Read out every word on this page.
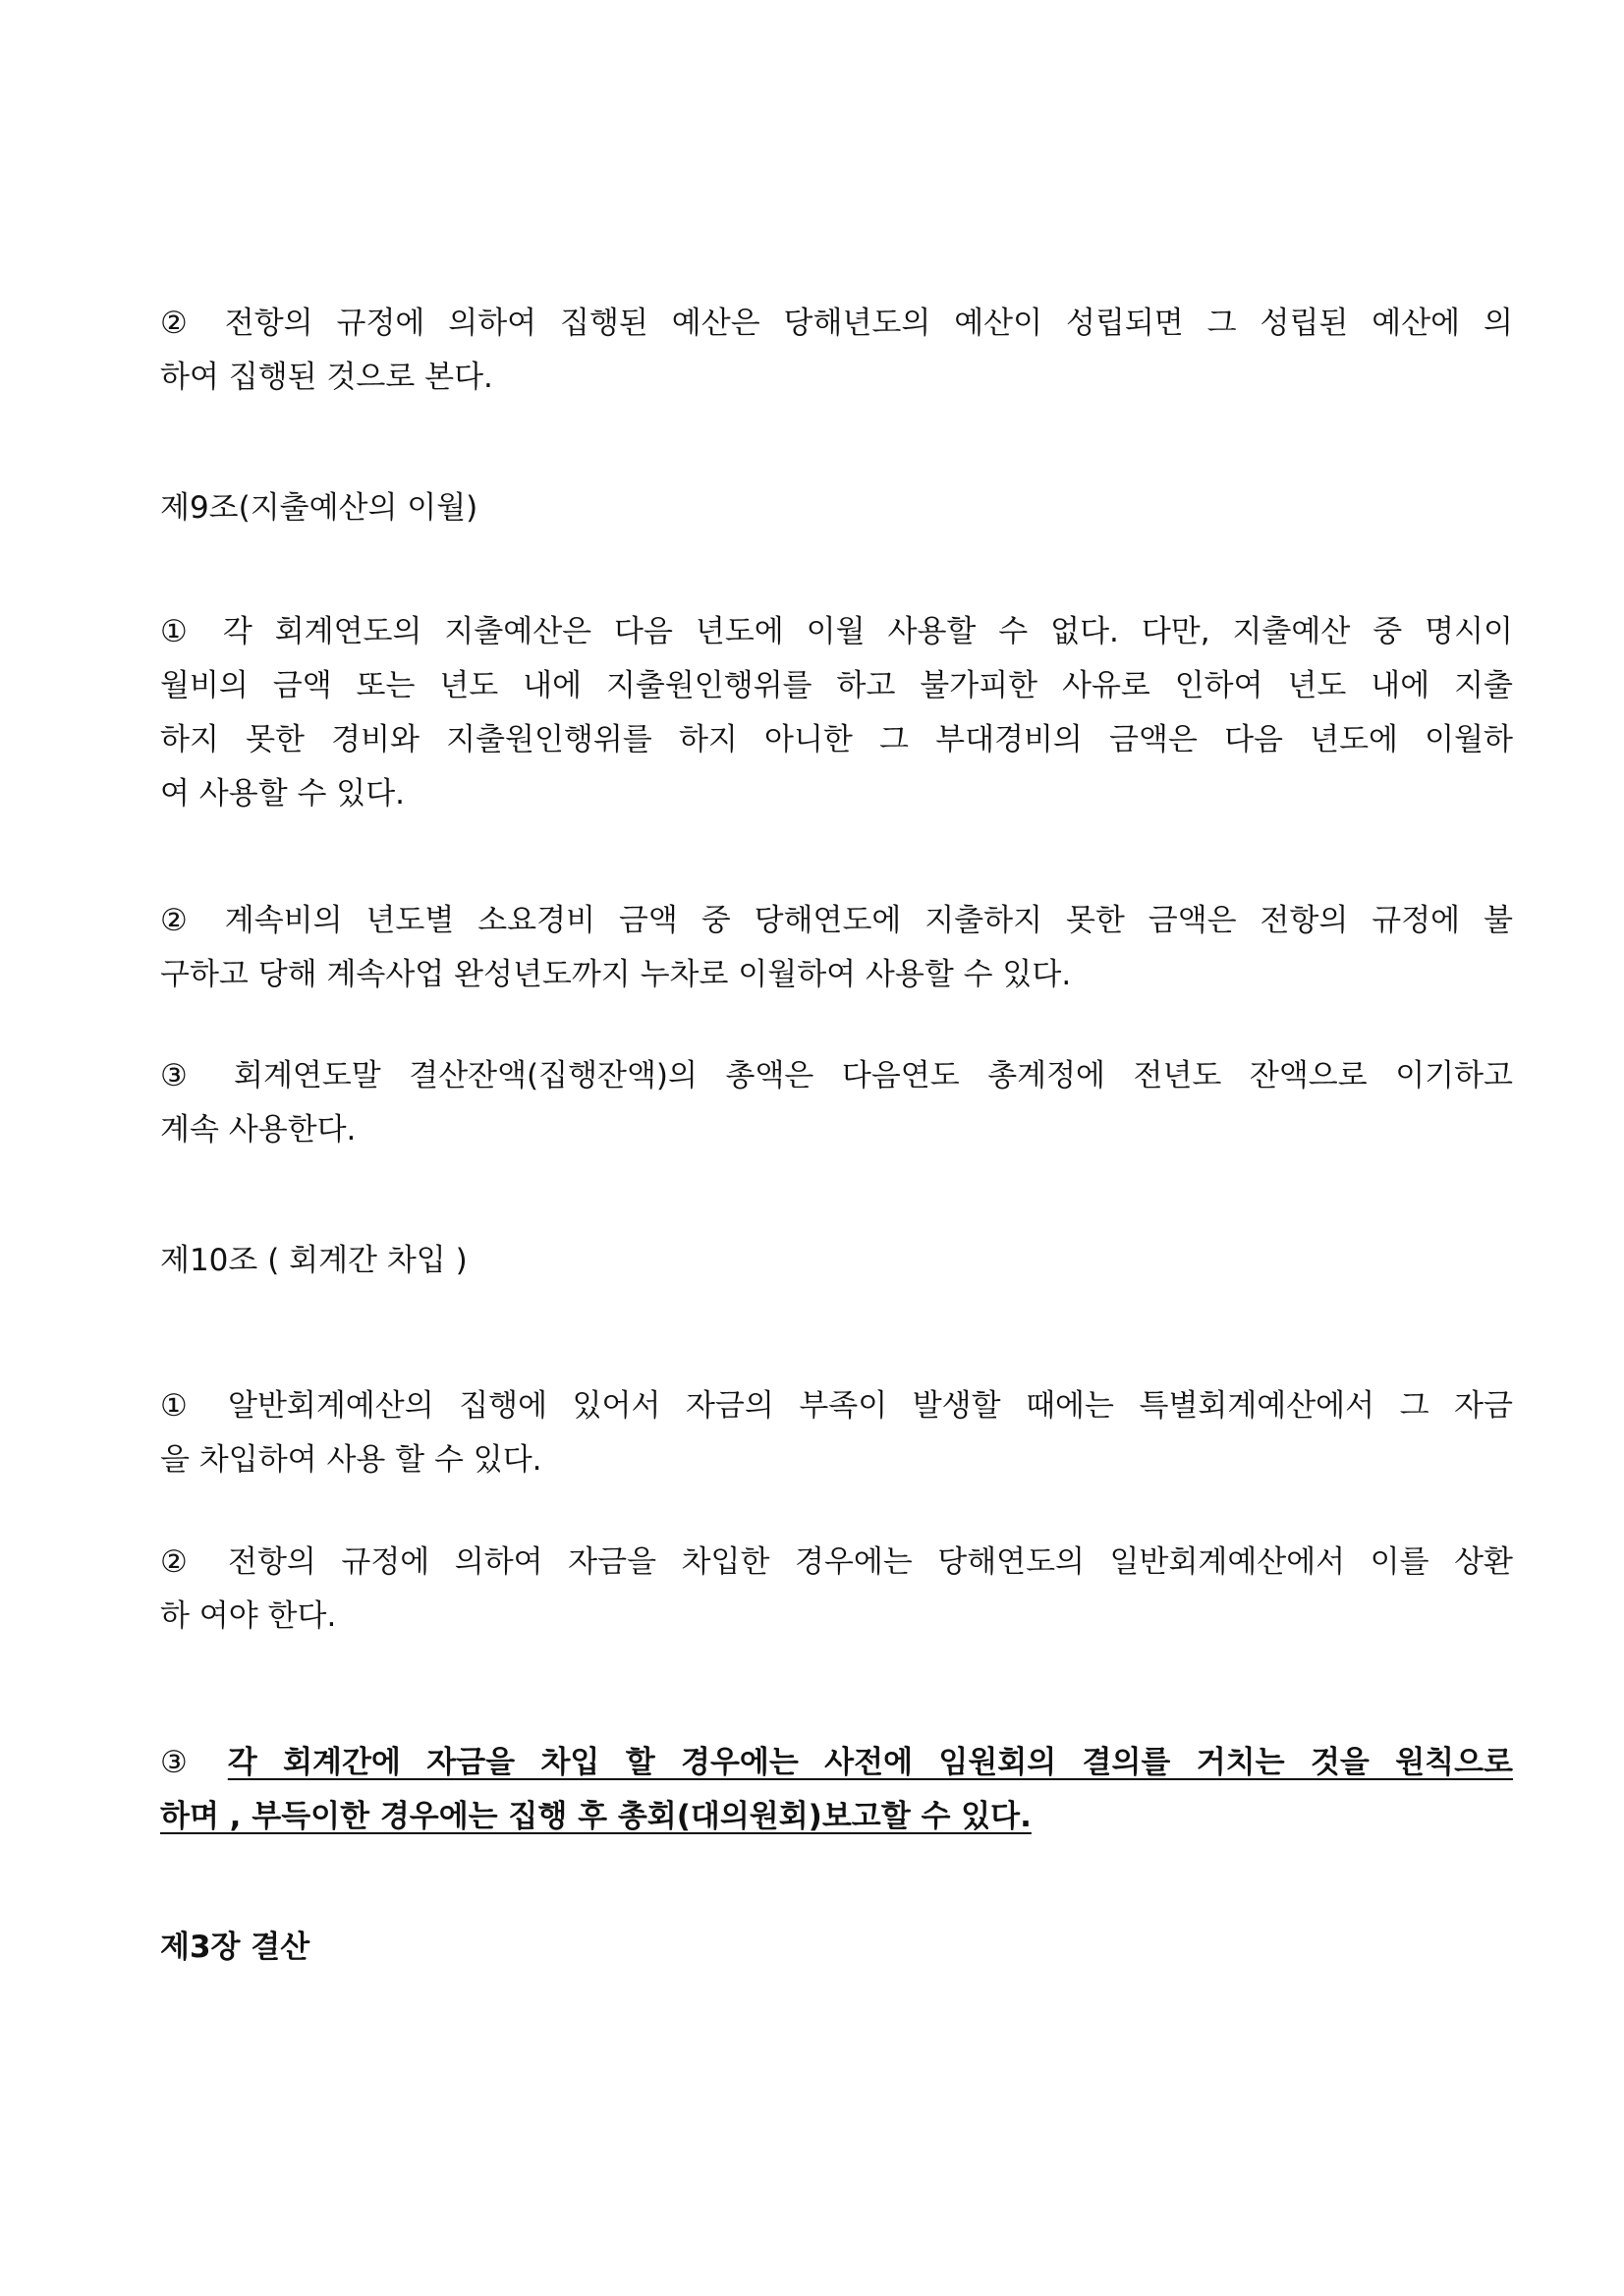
② 전항의 규정에 의하여 집행된 예산은 당해년도의 예산이 성립되면 그 성립된 예산에 의
하여 집행된 것으로 본다.
제9조(지출예산의 이월)
① 각 회계연도의 지출예산은 다음 년도에 이월 사용할 수 없다. 다만, 지출예산 중 명시이
월비의 금액 또는 년도 내에 지출원인행위를 하고 불가피한 사유로 인하여 년도 내에 지출
하지 못한 경비와 지출원인행위를 하지 아니한 그 부대경비의 금액은 다음 년도에 이월하
여 사용할 수 있다.
② 계속비의 년도별 소요경비 금액 중 당해연도에 지출하지 못한 금액은 전항의 규정에 불
구하고 당해 계속사업 완성년도까지 누차로 이월하여 사용할 수 있다.
③ 회계연도말 결산잔액(집행잔액)의 총액은 다음연도 총계정에 전년도 잔액으로 이기하고
계속 사용한다.
제10조 ( 회계간 차입 )
① 알반회계예산의 집행에 있어서 자금의 부족이 발생할 때에는 특별회계예산에서 그 자금
을 차입하여 사용 할 수 있다.
② 전항의 규정에 의하여 자금을 차입한 경우에는 당해연도의 일반회계예산에서 이를 상환
하 여야 한다.
③ 각 회계간에 자금을 차입 할 경우에는 사전에 임원회의 결의를 거치는 것을 원칙으로
하며 , 부득이한 경우에는 집행 후 총회(대의원회)보고할 수 있다.
제3장 결산
